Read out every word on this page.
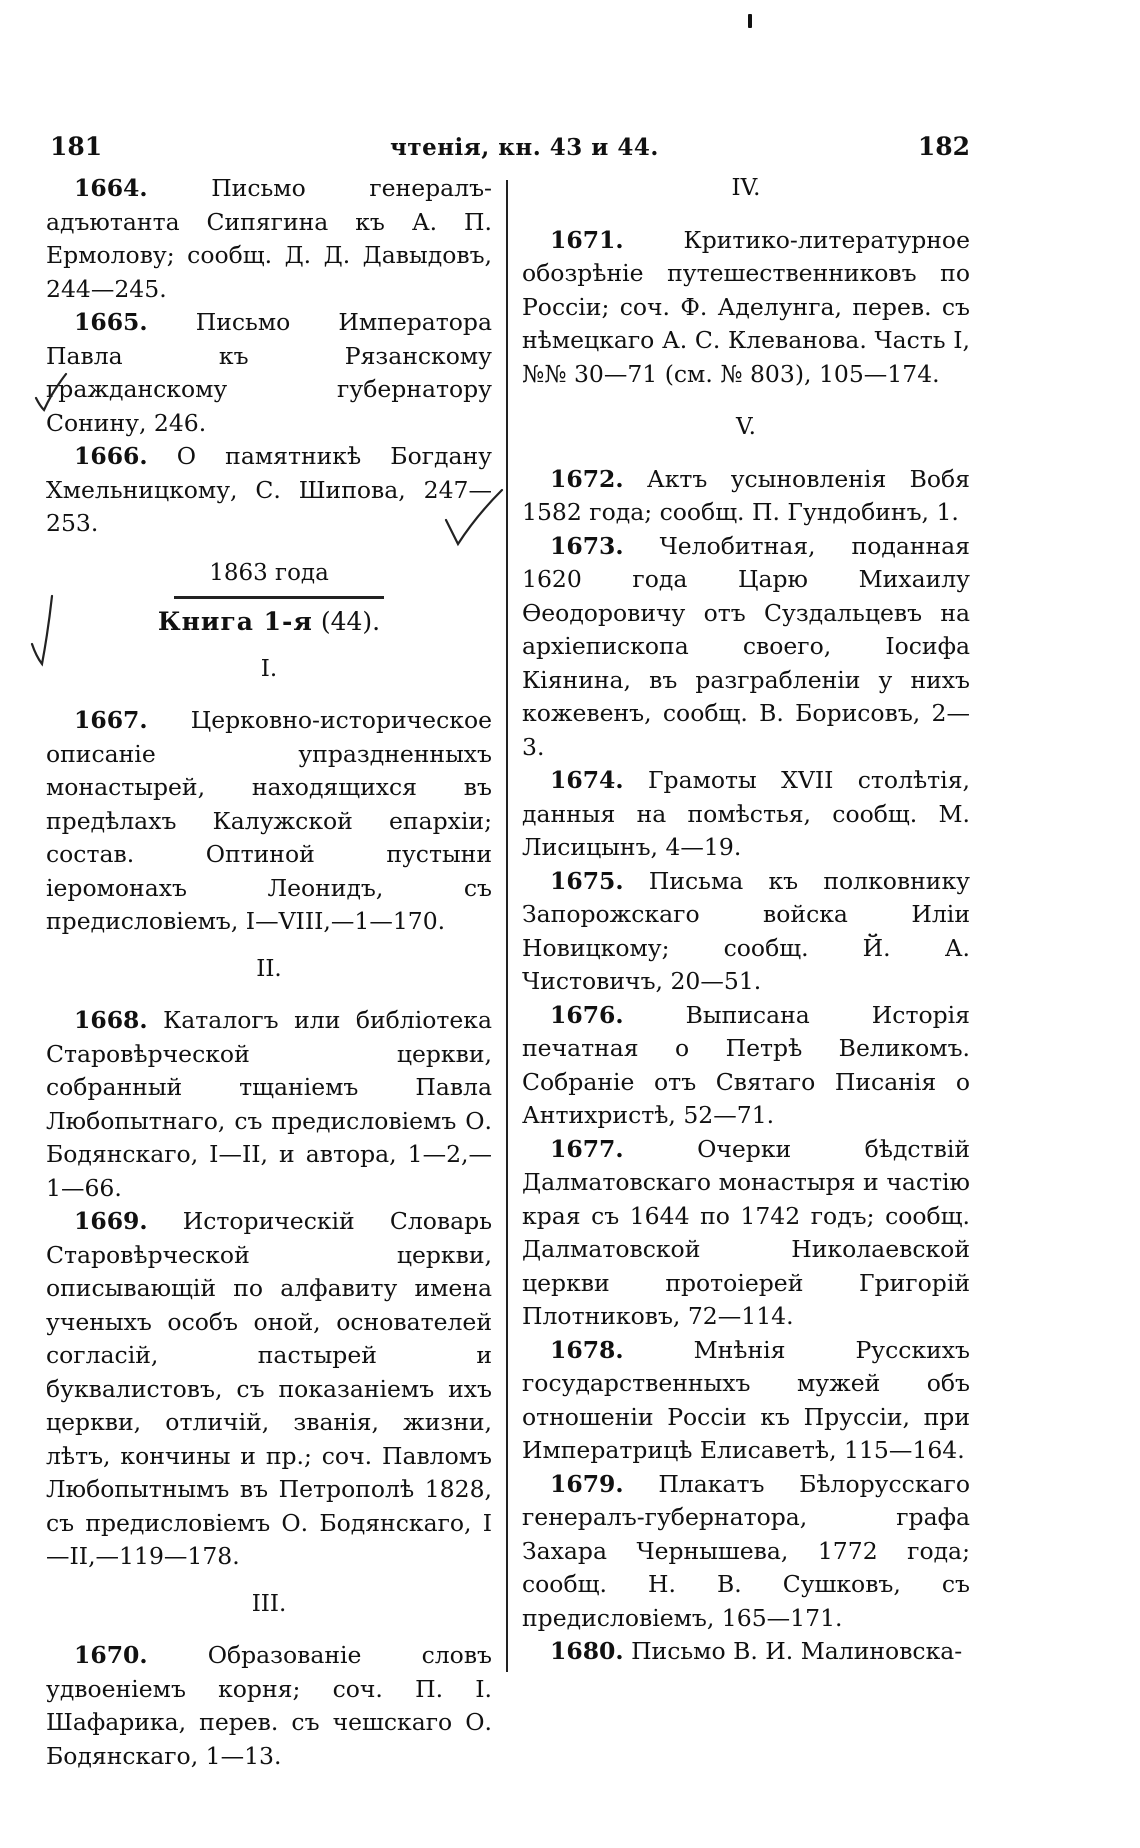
181	чтенія, кн. 43 и 44.	182

1664. Письмо генералъ-адъютанта Сипягина къ А. П. Ермолову; сообщ. Д. Д. Давыдовъ, 244—245.

1665. Письмо Императора Павла къ Рязанскому гражданскому губернатору Сонину, 246.

1666. О памятникѣ Богдану Хмельницкому, С. Шипова, 247—253.

1863 года

Книга 1-я (44).

I.

1667. Церковно-историческое описаніе упраздненныхъ монастырей, находящихся въ предѣлахъ Калужской епархіи; состав. Оптиной пустыни іеромонахъ Леонидъ, съ предисловіемъ, I—VIII,—1—170.

II.

1668. Каталогъ или библіотека Старовѣрческой церкви, собранный тщаніемъ Павла Любопытнаго, съ предисловіемъ О. Бодянскаго, I—II, и автора, 1—2,—1—66.

1669. Историческій Словарь Старовѣрческой церкви, описывающій по алфавиту имена ученыхъ особъ оной, основателей согласій, пастырей и буквалистовъ, съ показаніемъ ихъ церкви, отличій, званія, жизни, лѣтъ, кончины и пр.; соч. Павломъ Любопытнымъ въ Петрополѣ 1828, съ предисловіемъ О. Бодянскаго, I—II,—119—178.

III.

1670. Образованіе словъ удвоеніемъ корня; соч. П. I. Шафарика, перев. съ чешскаго О. Бодянскаго, 1—13.

IV.

1671. Критико-литературное обозрѣніе путешественниковъ по Россіи; соч. Ф. Аделунга, перев. съ нѣмецкаго А. С. Клеванова. Часть I, №№ 30—71 (см. № 803), 105—174.

V.

1672. Актъ усыновленія Вобя 1582 года; сообщ. П. Гундобинъ, 1.

1673. Челобитная, поданная 1620 года Царю Михаилу Ѳеодоровичу отъ Суздальцевъ на архіепископа своего, Іосифа Кіянина, въ разграбленіи у нихъ кожевенъ, сообщ. В. Борисовъ, 2—3.

1674. Грамоты XVII столѣтія, данныя на помѣстья, сообщ. М. Лисицынъ, 4—19.

1675. Письма къ полковнику Запорожскаго войска Иліи Новицкому; сообщ. Й. А. Чистовичъ, 20—51.

1676. Выписана Исторія печатная о Петрѣ Великомъ. Собраніе отъ Святаго Писанія о Антихристѣ, 52—71.

1677. Очерки бѣдствій Далматовскаго монастыря и частію края съ 1644 по 1742 годъ; сообщ. Далматовской Николаевской церкви протоіерей Григорій Плотниковъ, 72—114.

1678. Мнѣнія Русскихъ государственныхъ мужей объ отношеніи Россіи къ Пруссіи, при Императрицѣ Елисаветѣ, 115—164.

1679. Плакатъ Бѣлорусскаго генералъ-губернатора, графа Захара Чернышева, 1772 года; сообщ. Н. В. Сушковъ, съ предисловіемъ, 165—171.

1680. Письмо В. И. Малиновска-
